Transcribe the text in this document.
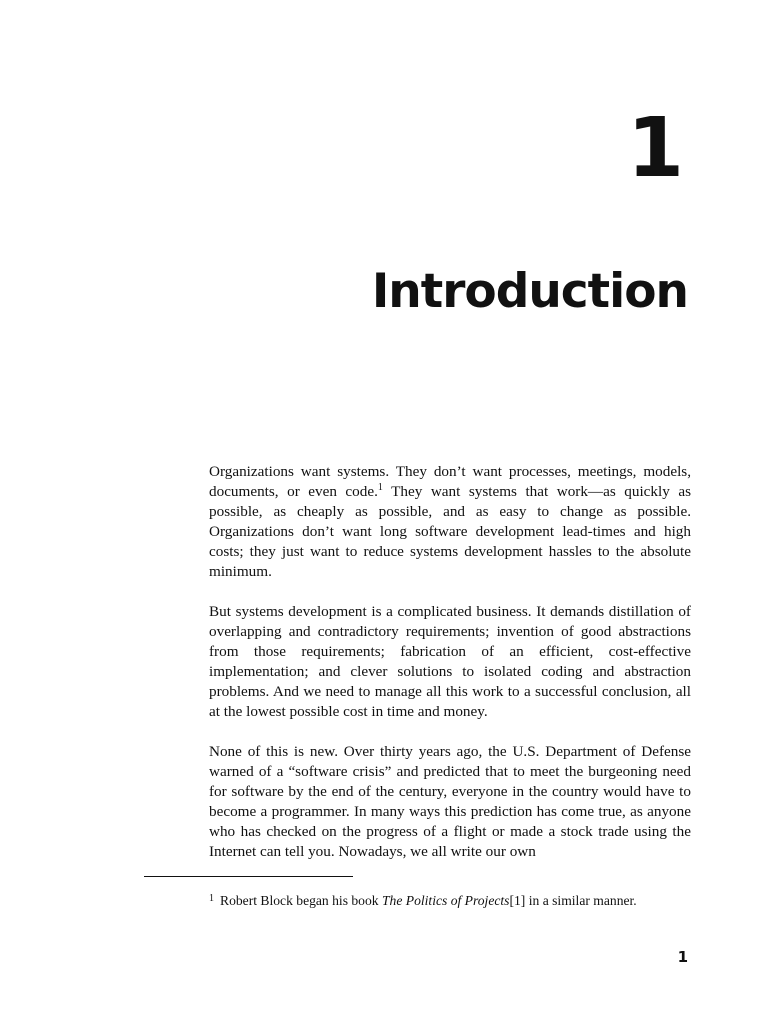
1
Introduction

Organizations want systems. They don’t want processes, meetings, models, documents, or even code.$^1$ They want systems that work—as quickly as possible, as cheaply as possible, and as easy to change as possible. Organizations don’t want long software development lead-times and high costs; they just want to reduce systems development hassles to the absolute minimum.

But systems development is a complicated business. It demands distillation of overlapping and contradictory requirements; invention of good abstractions from those requirements; fabrication of an efficient, cost-effective implementation; and clever solutions to isolated coding and abstraction problems. And we need to manage all this work to a successful conclusion, all at the lowest possible cost in time and money.

None of this is new. Over thirty years ago, the U.S. Department of Defense warned of a “software crisis” and predicted that to meet the burgeoning need for software by the end of the century, everyone in the country would have to become a programmer. In many ways this prediction has come true, as anyone who has checked on the progress of a flight or made a stock trade using the Internet can tell you. Nowadays, we all write our own

$^1$ Robert Block began his book The Politics of Projects[1] in a similar manner.
1
